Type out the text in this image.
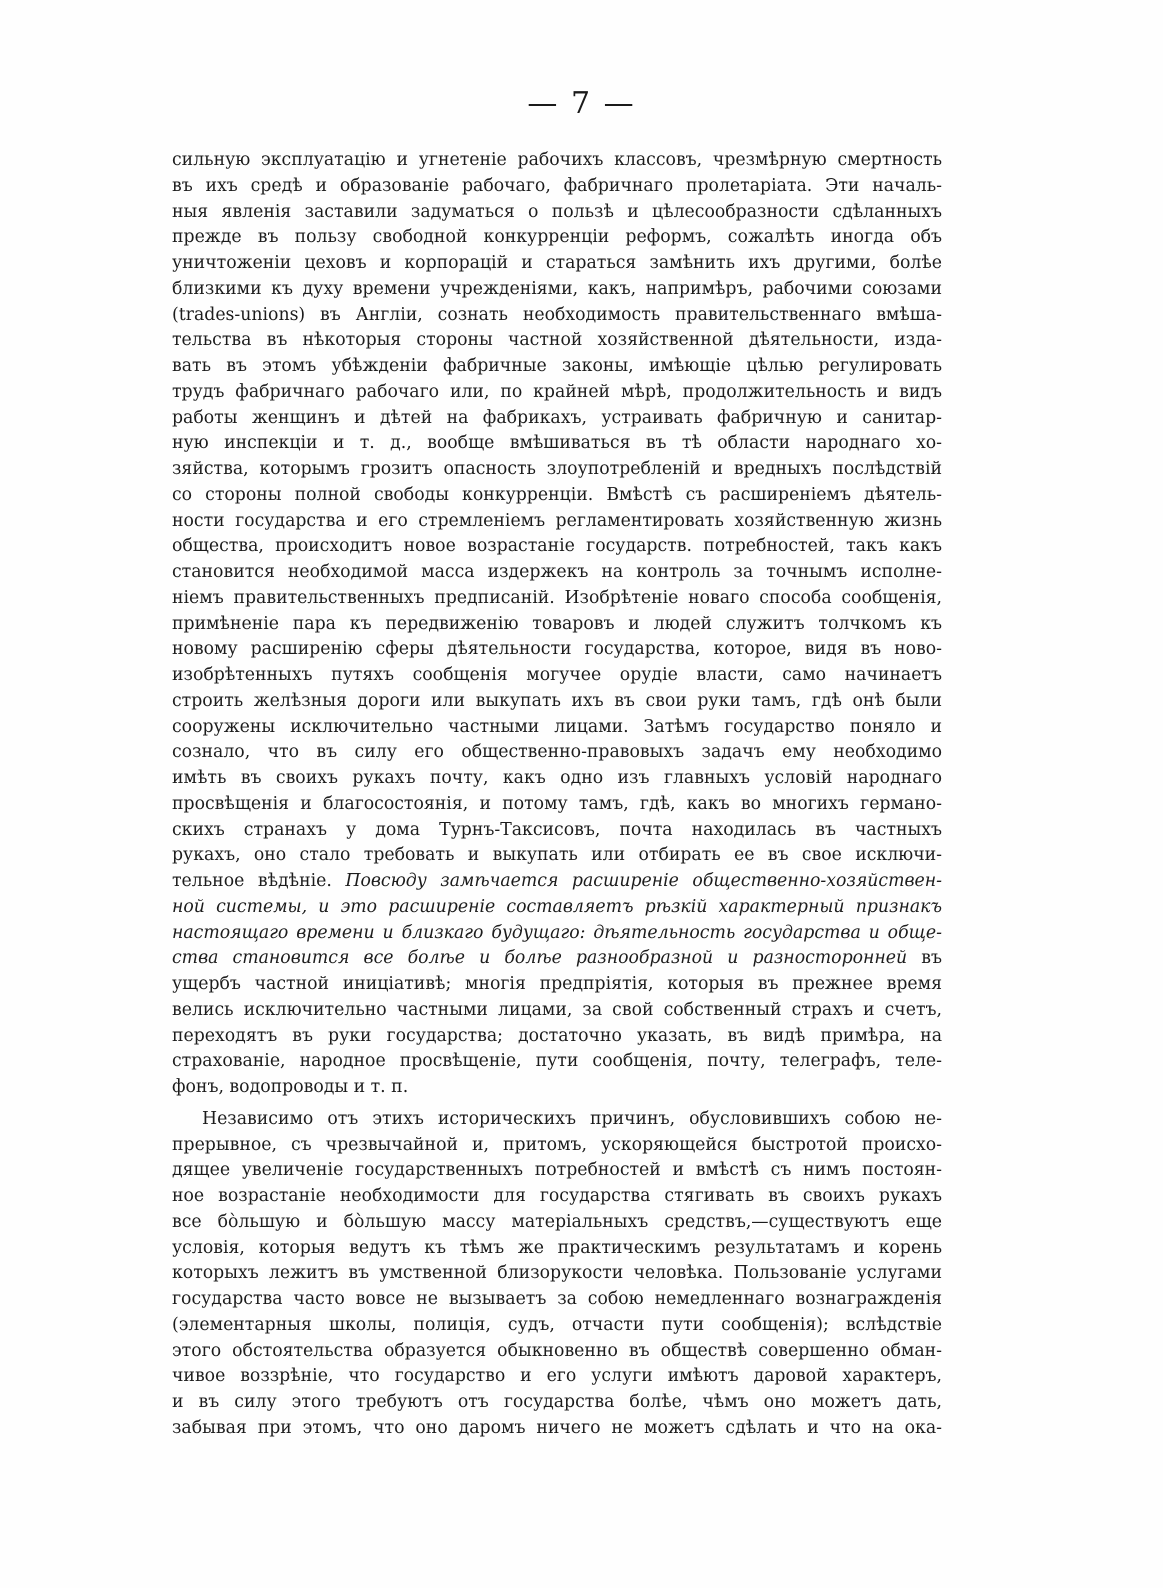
— 7 —
сильную эксплуатацію и угнетеніе рабочихъ классовъ, чрезмѣрную смертность
въ ихъ средѣ и образованіе рабочаго, фабричнаго пролетаріата. Эти началь-
ныя явленія заставили задуматься о пользѣ и цѣлесообразности сдѣланныхъ
прежде въ пользу свободной конкурренціи реформъ, сожалѣть иногда объ
уничтоженіи цеховъ и корпорацій и стараться замѣнить ихъ другими, болѣе
близкими къ духу времени учрежденіями, какъ, напримѣръ, рабочими союзами
(trades-unions) въ Англіи, сознать необходимость правительственнаго вмѣша-
тельства въ нѣкоторыя стороны частной хозяйственной дѣятельности, изда-
вать въ этомъ убѣжденіи фабричные законы, имѣющіе цѣлью регулировать
трудъ фабричнаго рабочаго или, по крайней мѣрѣ, продолжительность и видъ
работы женщинъ и дѣтей на фабрикахъ, устраивать фабричную и санитар-
ную инспекціи и т. д., вообще вмѣшиваться въ тѣ области народнаго хо-
зяйства, которымъ грозитъ опасность злоупотребленій и вредныхъ послѣдствій
со стороны полной свободы конкурренціи. Вмѣстѣ съ расширеніемъ дѣятель-
ности государства и его стремленіемъ регламентировать хозяйственную жизнь
общества, происходитъ новое возрастаніе государств. потребностей, такъ какъ
становится необходимой масса издержекъ на контроль за точнымъ исполне-
ніемъ правительственныхъ предписаній. Изобрѣтеніе новаго способа сообщенія,
примѣненіе пара къ передвиженію товаровъ и людей служитъ толчкомъ къ
новому расширенію сферы дѣятельности государства, которое, видя въ ново-
изобрѣтенныхъ путяхъ сообщенія могучее орудіе власти, само начинаетъ
строить желѣзныя дороги или выкупать ихъ въ свои руки тамъ, гдѣ онѣ были
сооружены исключительно частными лицами. Затѣмъ государство поняло и
сознало, что въ силу его общественно-правовыхъ задачъ ему необходимо
имѣть въ своихъ рукахъ почту, какъ одно изъ главныхъ условій народнаго
просвѣщенія и благосостоянія, и потому тамъ, гдѣ, какъ во многихъ германо-
скихъ странахъ у дома Турнъ-Таксисовъ, почта находилась въ частныхъ
рукахъ, оно стало требовать и выкупать или отбирать ее въ свое исключи-
тельное вѣдѣніе. Повсюду замѣчается расширеніе общественно-хозяйствен-
ной системы, и это расширеніе составляетъ рѣзкій характерный признакъ
настоящаго времени и близкаго будущаго: дѣятельность государства и обще-
ства становится все болѣе и болѣе разнообразной и разносторонней въ
ущербъ частной иниціативѣ; многія предпріятія, которыя въ прежнее время
велись исключительно частными лицами, за свой собственный страхъ и счетъ,
переходятъ въ руки государства; достаточно указать, въ видѣ примѣра, на
страхованіе, народное просвѣщеніе, пути сообщенія, почту, телеграфъ, теле-
фонъ, водопроводы и т. п.
Независимо отъ этихъ историческихъ причинъ, обусловившихъ собою не-
прерывное, съ чрезвычайной и, притомъ, ускоряющейся быстротой происхо-
дящее увеличеніе государственныхъ потребностей и вмѣстѣ съ нимъ постоян-
ное возрастаніе необходимости для государства стягивать въ своихъ рукахъ
все бо̀льшую и бо̀льшую массу матеріальныхъ средствъ,—существуютъ еще
условія, которыя ведутъ къ тѣмъ же практическимъ результатамъ и корень
которыхъ лежитъ въ умственной близорукости человѣка. Пользованіе услугами
государства часто вовсе не вызываетъ за собою немедленнаго вознагражденія
(элементарныя школы, полиція, судъ, отчасти пути сообщенія); вслѣдствіе
этого обстоятельства образуется обыкновенно въ обществѣ совершенно обман-
чивое воззрѣніе, что государство и его услуги имѣютъ даровой характеръ,
и въ силу этого требуютъ отъ государства болѣе, чѣмъ оно можетъ дать,
забывая при этомъ, что оно даромъ ничего не можетъ сдѣлать и что на ока-
